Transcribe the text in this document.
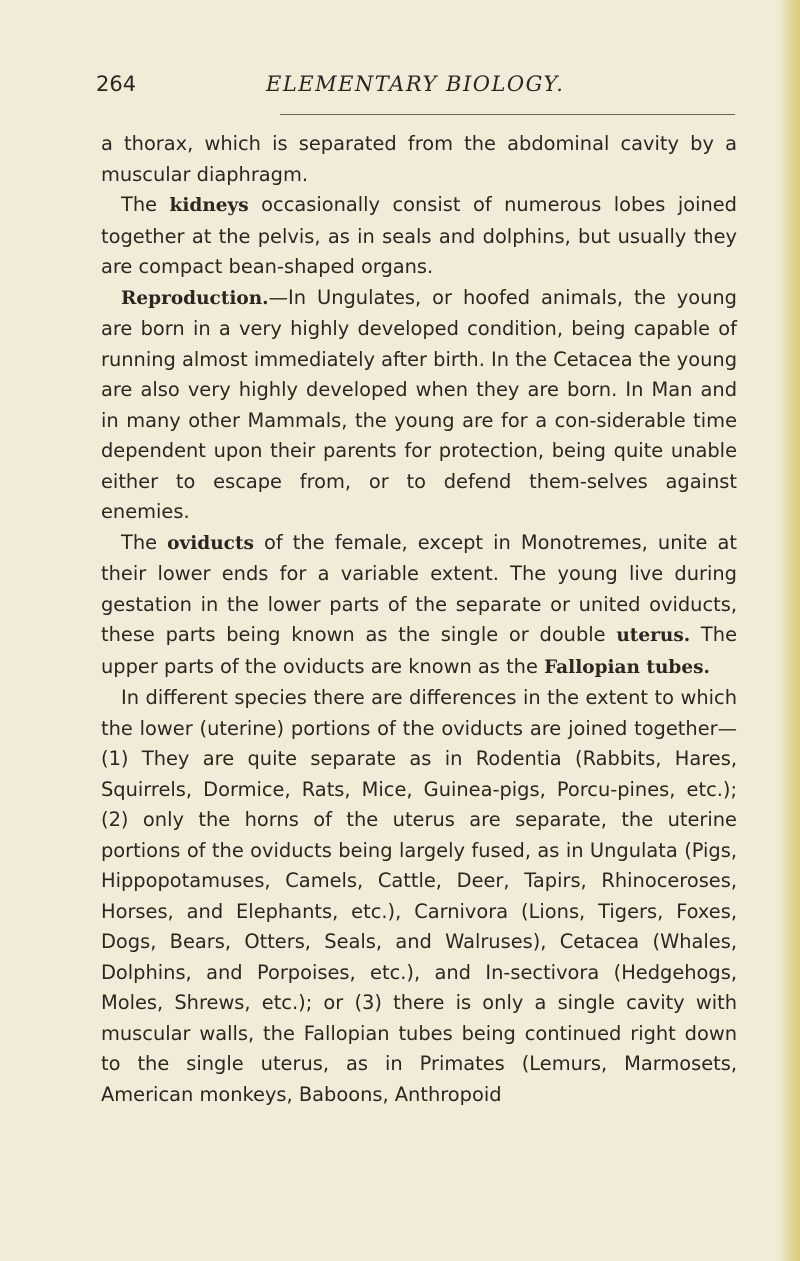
264	ELEMENTARY BIOLOGY.

a thorax, which is separated from the abdominal cavity by a muscular diaphragm.

The kidneys occasionally consist of numerous lobes joined together at the pelvis, as in seals and dolphins, but usually they are compact bean-shaped organs.

Reproduction.—In Ungulates, or hoofed animals, the young are born in a very highly developed condition, being capable of running almost immediately after birth. In the Cetacea the young are also very highly developed when they are born. In Man and in many other Mammals, the young are for a con-siderable time dependent upon their parents for protection, being quite unable either to escape from, or to defend them-selves against enemies.

The oviducts of the female, except in Monotremes, unite at their lower ends for a variable extent. The young live during gestation in the lower parts of the separate or united oviducts, these parts being known as the single or double uterus. The upper parts of the oviducts are known as the Fallopian tubes.

In different species there are differences in the extent to which the lower (uterine) portions of the oviducts are joined together—(1) They are quite separate as in Rodentia (Rabbits, Hares, Squirrels, Dormice, Rats, Mice, Guinea-pigs, Porcu-pines, etc.); (2) only the horns of the uterus are separate, the uterine portions of the oviducts being largely fused, as in Ungulata (Pigs, Hippopotamuses, Camels, Cattle, Deer, Tapirs, Rhinoceroses, Horses, and Elephants, etc.), Carnivora (Lions, Tigers, Foxes, Dogs, Bears, Otters, Seals, and Walruses), Cetacea (Whales, Dolphins, and Porpoises, etc.), and In-sectivora (Hedgehogs, Moles, Shrews, etc.); or (3) there is only a single cavity with muscular walls, the Fallopian tubes being continued right down to the single uterus, as in Primates (Lemurs, Marmosets, American monkeys, Baboons, Anthropoid
